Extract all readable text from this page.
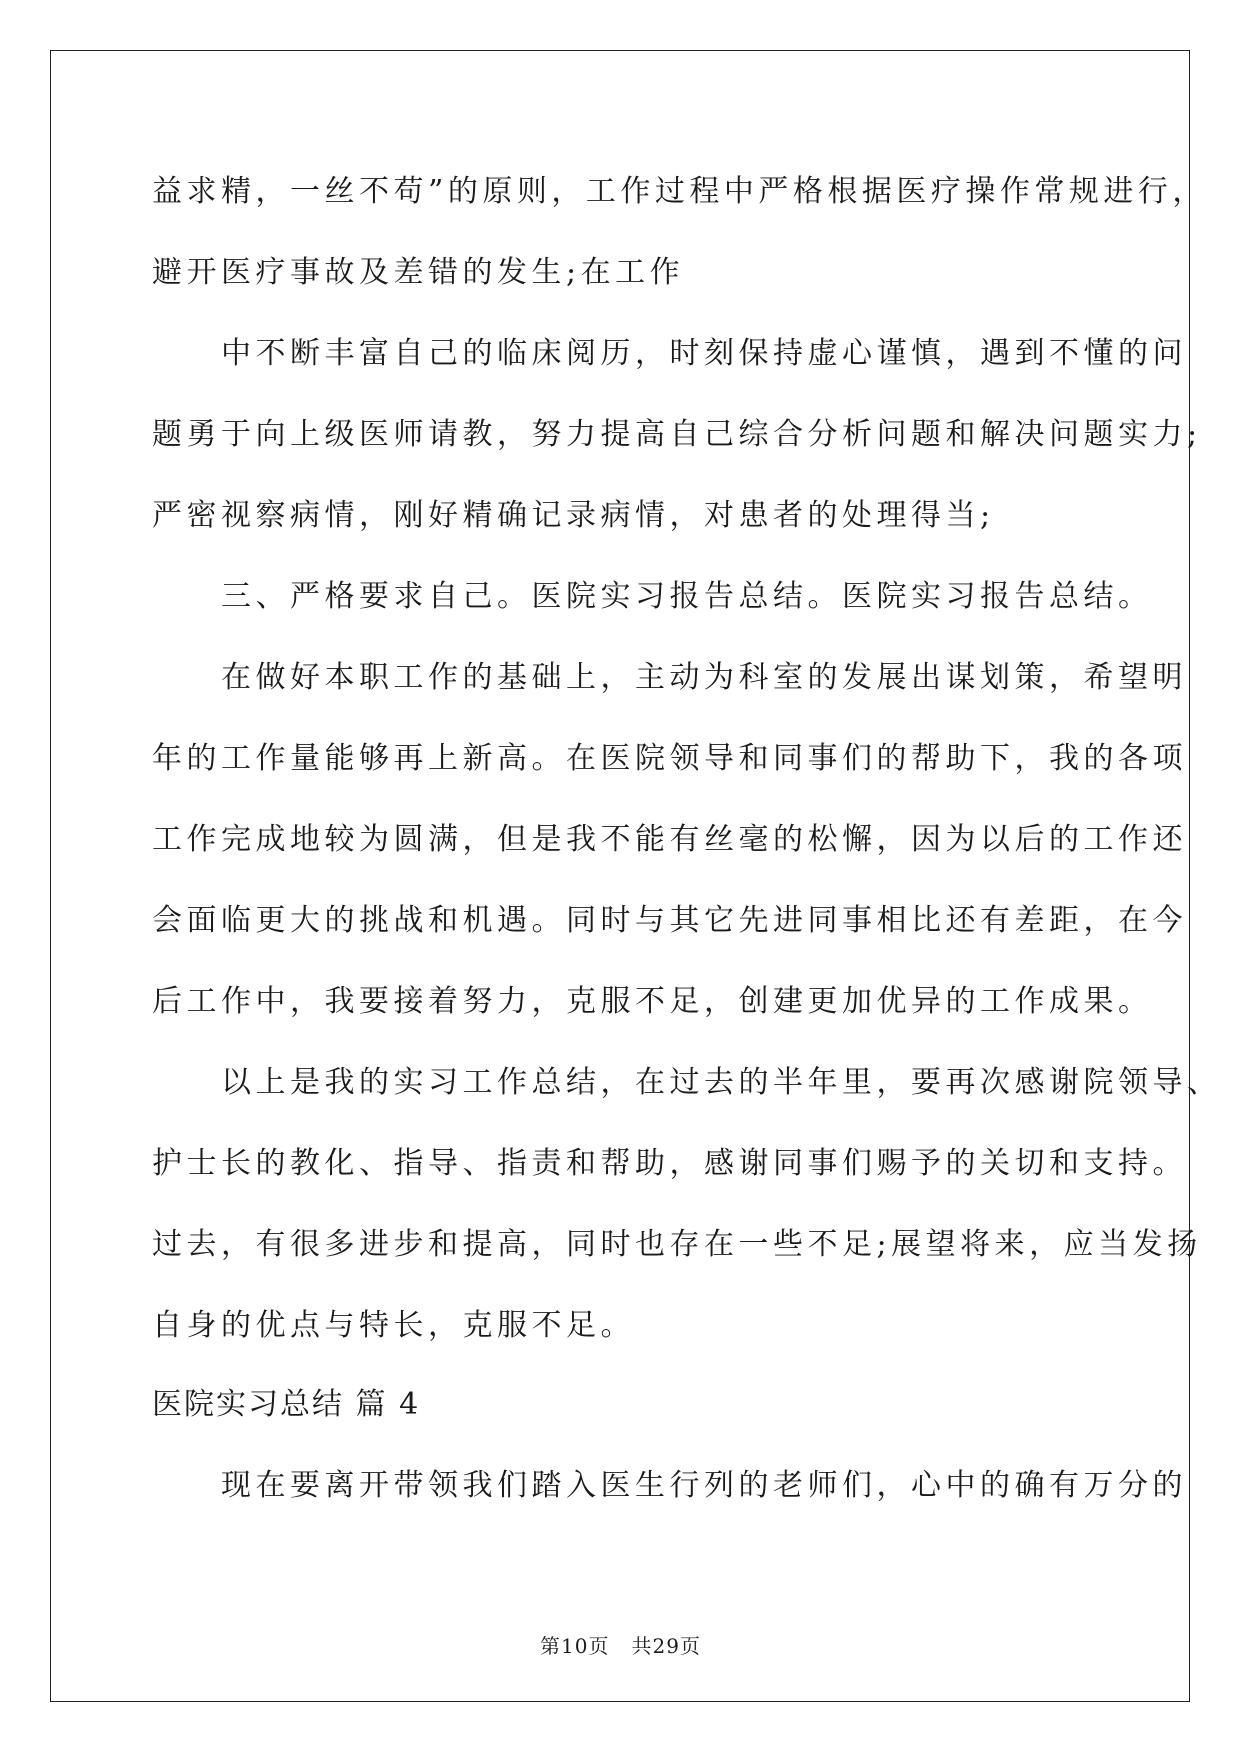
益求精，一丝不苟”的原则，工作过程中严格根据医疗操作常规进行，
避开医疗事故及差错的发生;在工作
　　中不断丰富自己的临床阅历，时刻保持虚心谨慎，遇到不懂的问
题勇于向上级医师请教，努力提高自己综合分析问题和解决问题实力;
严密视察病情，刚好精确记录病情，对患者的处理得当;
　　三、严格要求自己。医院实习报告总结。医院实习报告总结。
　　在做好本职工作的基础上，主动为科室的发展出谋划策，希望明
年的工作量能够再上新高。在医院领导和同事们的帮助下，我的各项
工作完成地较为圆满，但是我不能有丝毫的松懈，因为以后的工作还
会面临更大的挑战和机遇。同时与其它先进同事相比还有差距，在今
后工作中，我要接着努力，克服不足，创建更加优异的工作成果。
　　以上是我的实习工作总结，在过去的半年里，要再次感谢院领导、
护士长的教化、指导、指责和帮助，感谢同事们赐予的关切和支持。
过去，有很多进步和提高，同时也存在一些不足;展望将来，应当发扬
自身的优点与特长，克服不足。
医院实习总结 篇 4
　　现在要离开带领我们踏入医生行列的老师们，心中的确有万分的
第10页 共29页
